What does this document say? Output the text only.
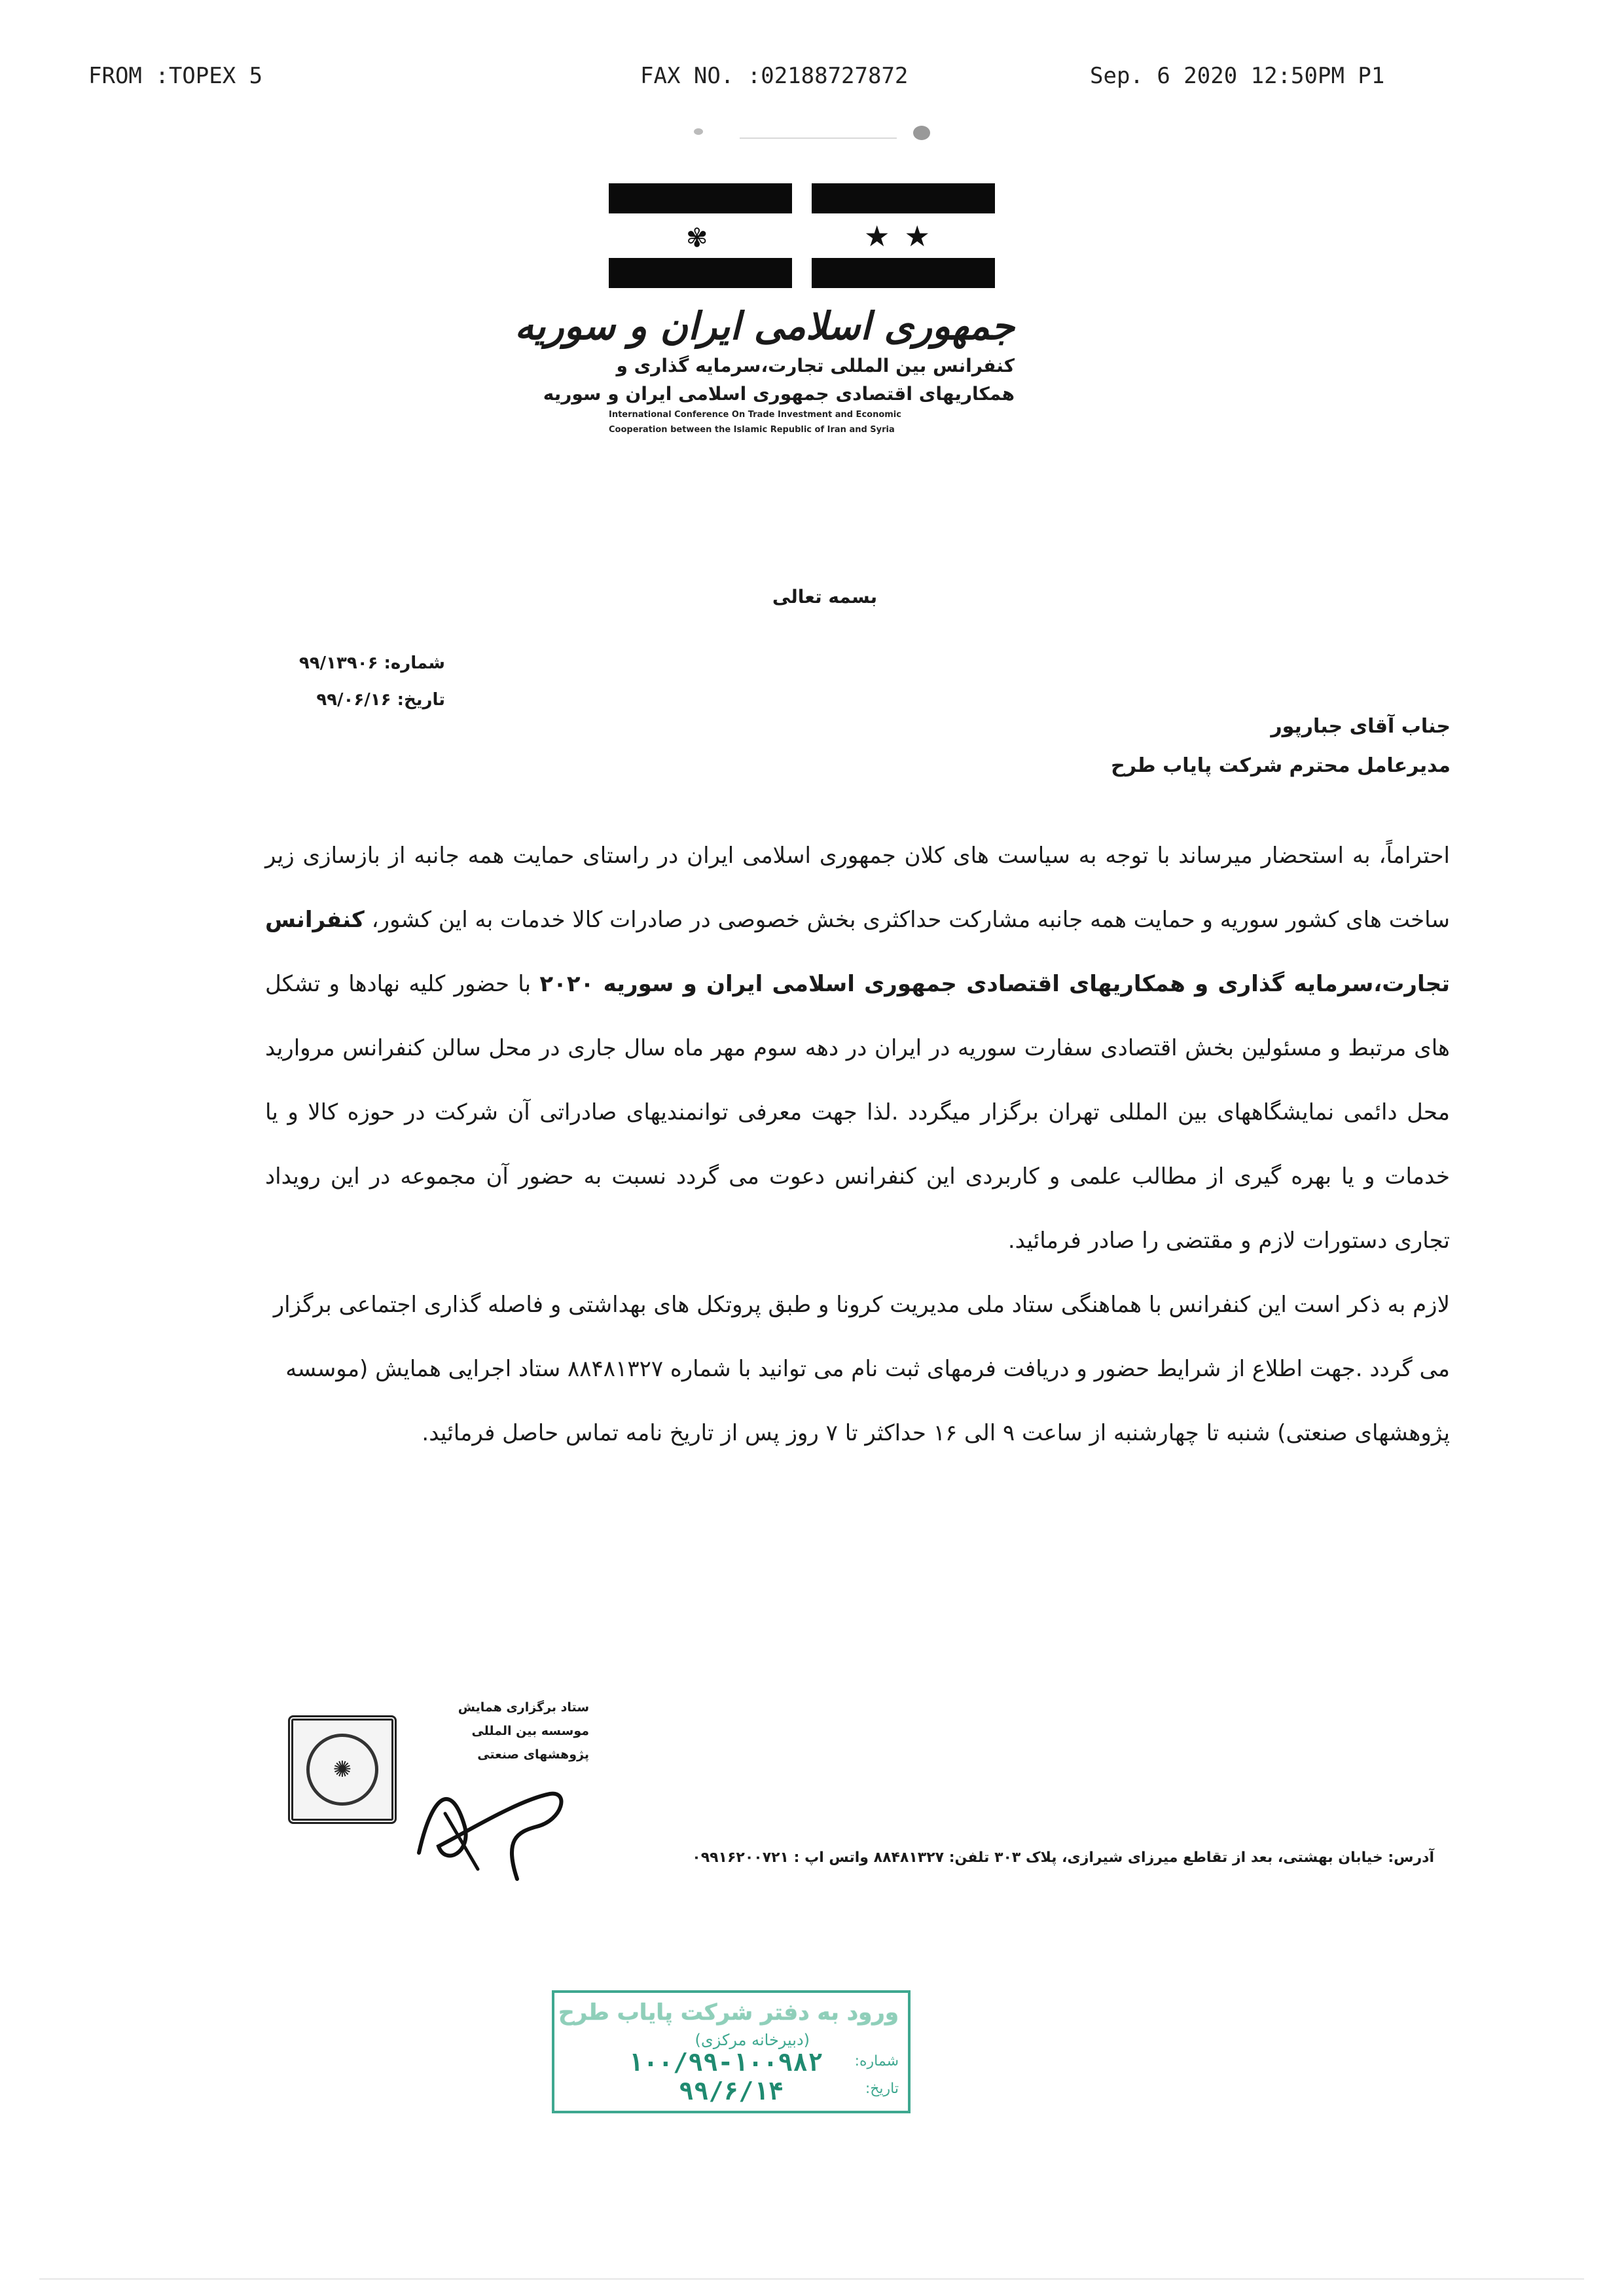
FROM :TOPEX 5	FAX NO. :02188727872	Sep. 6 2020 12:50PM P1
✾	★★
جمهوری اسلامی ایران و سوریه
کنفرانس بین المللی تجارت،سرمایه گذاری و
همکاریهای اقتصادی جمهوری اسلامی ایران و سوریه
International Conference On Trade Investment and Economic
Cooperation between the Islamic Republic of Iran and Syria
بسمه تعالی
شماره: ۹۹/۱۳۹۰۶
تاریخ: ۹۹/۰۶/۱۶
جناب آقای جبارپور
مدیرعامل محترم شرکت پایاب طرح

احتراماً، به استحضار میرساند با توجه به سیاست های کلان جمهوری اسلامی ایران در راستای حمایت همه جانبه از بازسازی زیر ساخت های کشور سوریه و حمایت همه جانبه مشارکت حداکثری بخش خصوصی در صادرات کالا خدمات به این کشور، کنفرانس تجارت،سرمایه گذاری و همکاریهای اقتصادی جمهوری اسلامی ایران و سوریه ۲۰۲۰ با حضور کلیه نهادها و تشکل های مرتبط و مسئولین بخش اقتصادی سفارت سوریه در ایران در دهه سوم مهر ماه سال جاری در محل سالن کنفرانس مروارید محل دائمی نمایشگاههای بین المللی تهران برگزار میگردد .لذا جهت معرفی توانمندیهای صادراتی آن شرکت در حوزه کالا و یا خدمات و یا بهره گیری از مطالب علمی و کاربردی این کنفرانس دعوت می گردد نسبت به حضور آن مجموعه در این رویداد تجاری دستورات لازم و مقتضی را صادر فرمائید.

لازم به ذکر است این کنفرانس با هماهنگی ستاد ملی مدیریت کرونا و طبق پروتکل های بهداشتی و فاصله گذاری اجتماعی برگزار می گردد .جهت اطلاع از شرایط حضور و دریافت فرمهای ثبت نام می توانید با شماره ۸۸۴۸۱۳۲۷ ستاد اجرایی همایش (موسسه پژوهشهای صنعتی) شنبه تا چهارشنبه از ساعت ۹ الی ۱۶ حداکثر تا ۷ روز پس از تاریخ نامه تماس حاصل فرمائید.

ستاد برگزاری همایش
موسسه بین المللی پژوهشهای صنعتی
✺
آدرس: خیابان بهشتی، بعد از تقاطع میرزای شیرازی، پلاک ۳۰۳ تلفن: ۸۸۴۸۱۳۲۷ واتس اپ : ۰۹۹۱۶۲۰۰۷۲۱
ورود به دفتر شرکت پایاب طرح
(دبیرخانه مرکزی)
شماره:
۱۰۰/۹۹-۱۰۰۹۸۲
تاریخ:
۹۹/۶/۱۴
